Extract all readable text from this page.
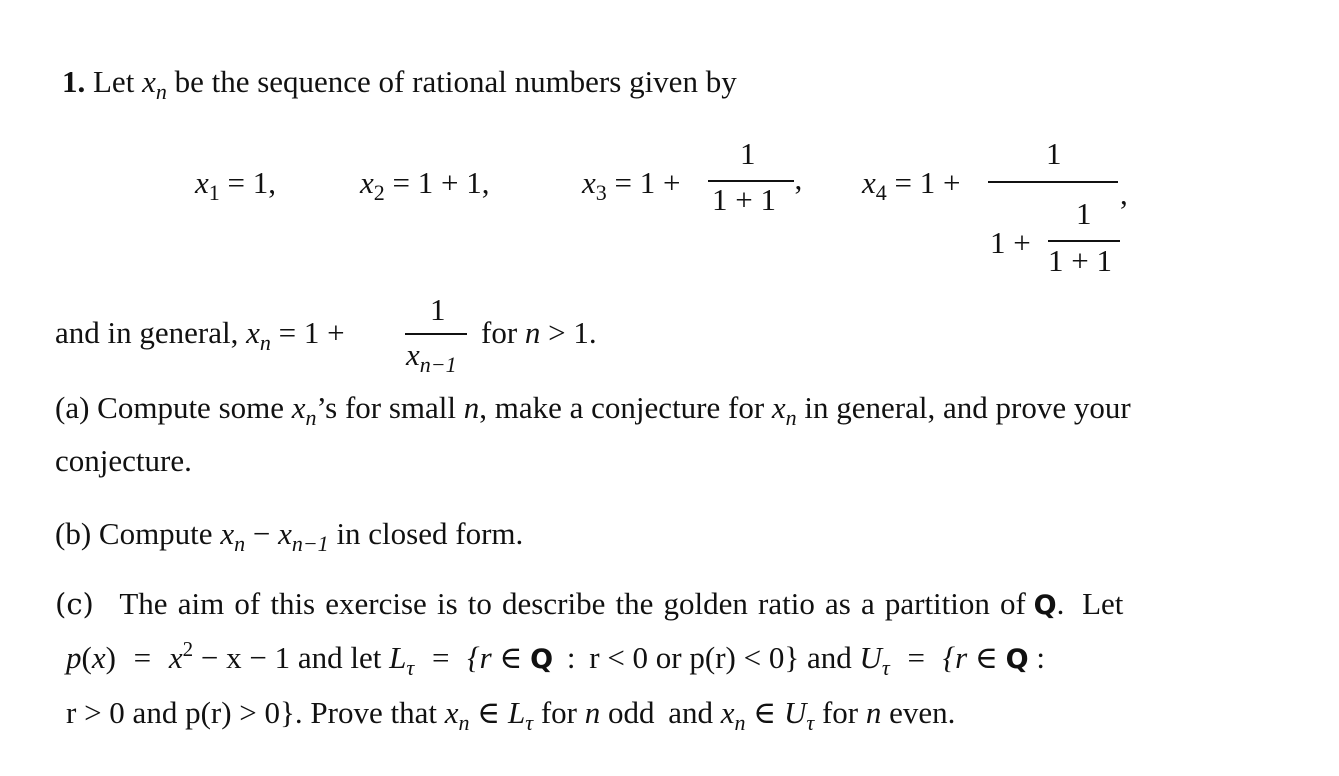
1. Let $x_n$ be the sequence of rational numbers given by
$x_1 = 1$,	$x_2 = 1 + 1$,	$x_3 = 1$ +
1
1 + 1 ’ $x_4 = 1$ +
1
,
1 +
1
1 + 1
and in general, $x_n = 1$ +
1
$x_{n-1}$
for n > 1.
(a) Compute some $x_n’s$ for small n, make a conjecture for $x_n$ in general, and prove your
conjecture.
(b) Compute $x_n - x_{n-1}$ in closed form.
(c) The aim of this exercise is to describe the golden ratio as a partition of Q. Let
$p(x) = x^2 - x - 1$ and let $L_\tau = \{r$ ∈ Q : r < 0 or p(r) < 0} and $U_\tau = \{r$ ∈ Q :
r > 0 and p(r) > 0}. Prove that $x_n$ ∈ $L_\tau$ for n odd and $x_n$ ∈ $U_\tau$ for n even.
